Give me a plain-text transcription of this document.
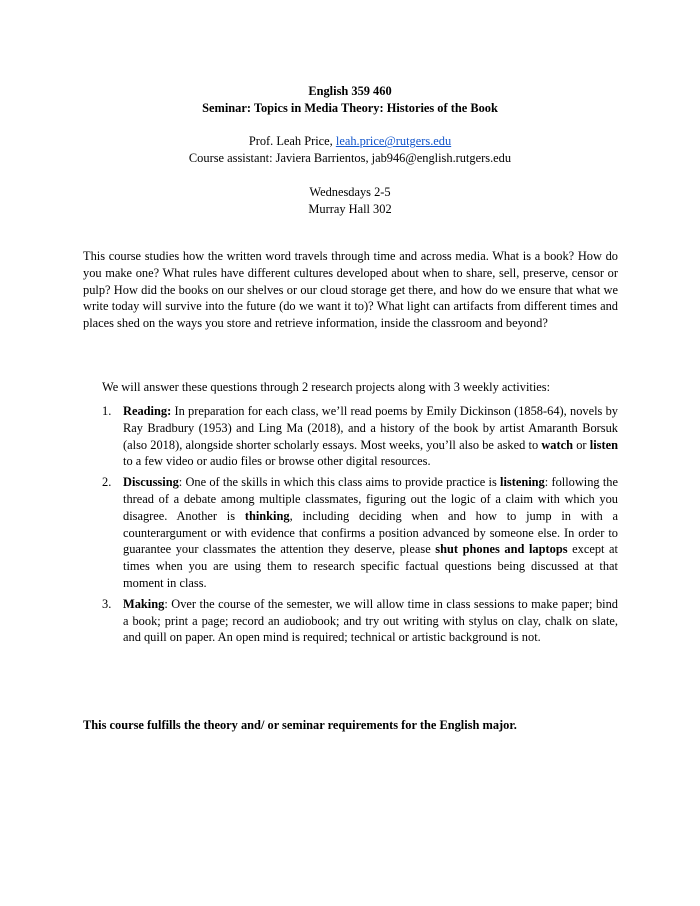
English 359 460

Seminar: Topics in Media Theory: Histories of the Book

Prof. Leah Price, leah.price@rutgers.edu

Course assistant: Javiera Barrientos, jab946@english.rutgers.edu

Wednesdays 2-5

Murray Hall 302

This course studies how the written word travels through time and across media. What is a book? How do you make one? What rules have different cultures developed about when to share, sell, preserve, censor or pulp? How did the books on our shelves or our cloud storage get there, and how do we ensure that what we write today will survive into the future (do we want it to)? What light can artifacts from different times and places shed on the ways you store and retrieve information, inside the classroom and beyond?

We will answer these questions through 2 research projects along with 3 weekly activities:

1. Reading: In preparation for each class, we’ll read poems by Emily Dickinson (1858-64), novels by Ray Bradbury (1953) and Ling Ma (2018), and a history of the book by artist Amaranth Borsuk (also 2018), alongside shorter scholarly essays. Most weeks, you’ll also be asked to watch or listen to a few video or audio files or browse other digital resources.
2. Discussing: One of the skills in which this class aims to provide practice is listening: following the thread of a debate among multiple classmates, figuring out the logic of a claim with which you disagree. Another is thinking, including deciding when and how to jump in with a counterargument or with evidence that confirms a position advanced by someone else. In order to guarantee your classmates the attention they deserve, please shut phones and laptops except at times when you are using them to research specific factual questions being discussed at that moment in class.
3. Making: Over the course of the semester, we will allow time in class sessions to make paper; bind a book; print a page; record an audiobook; and try out writing with stylus on clay, chalk on slate, and quill on paper. An open mind is required; technical or artistic background is not.

This course fulfills the theory and/ or seminar requirements for the English major.
